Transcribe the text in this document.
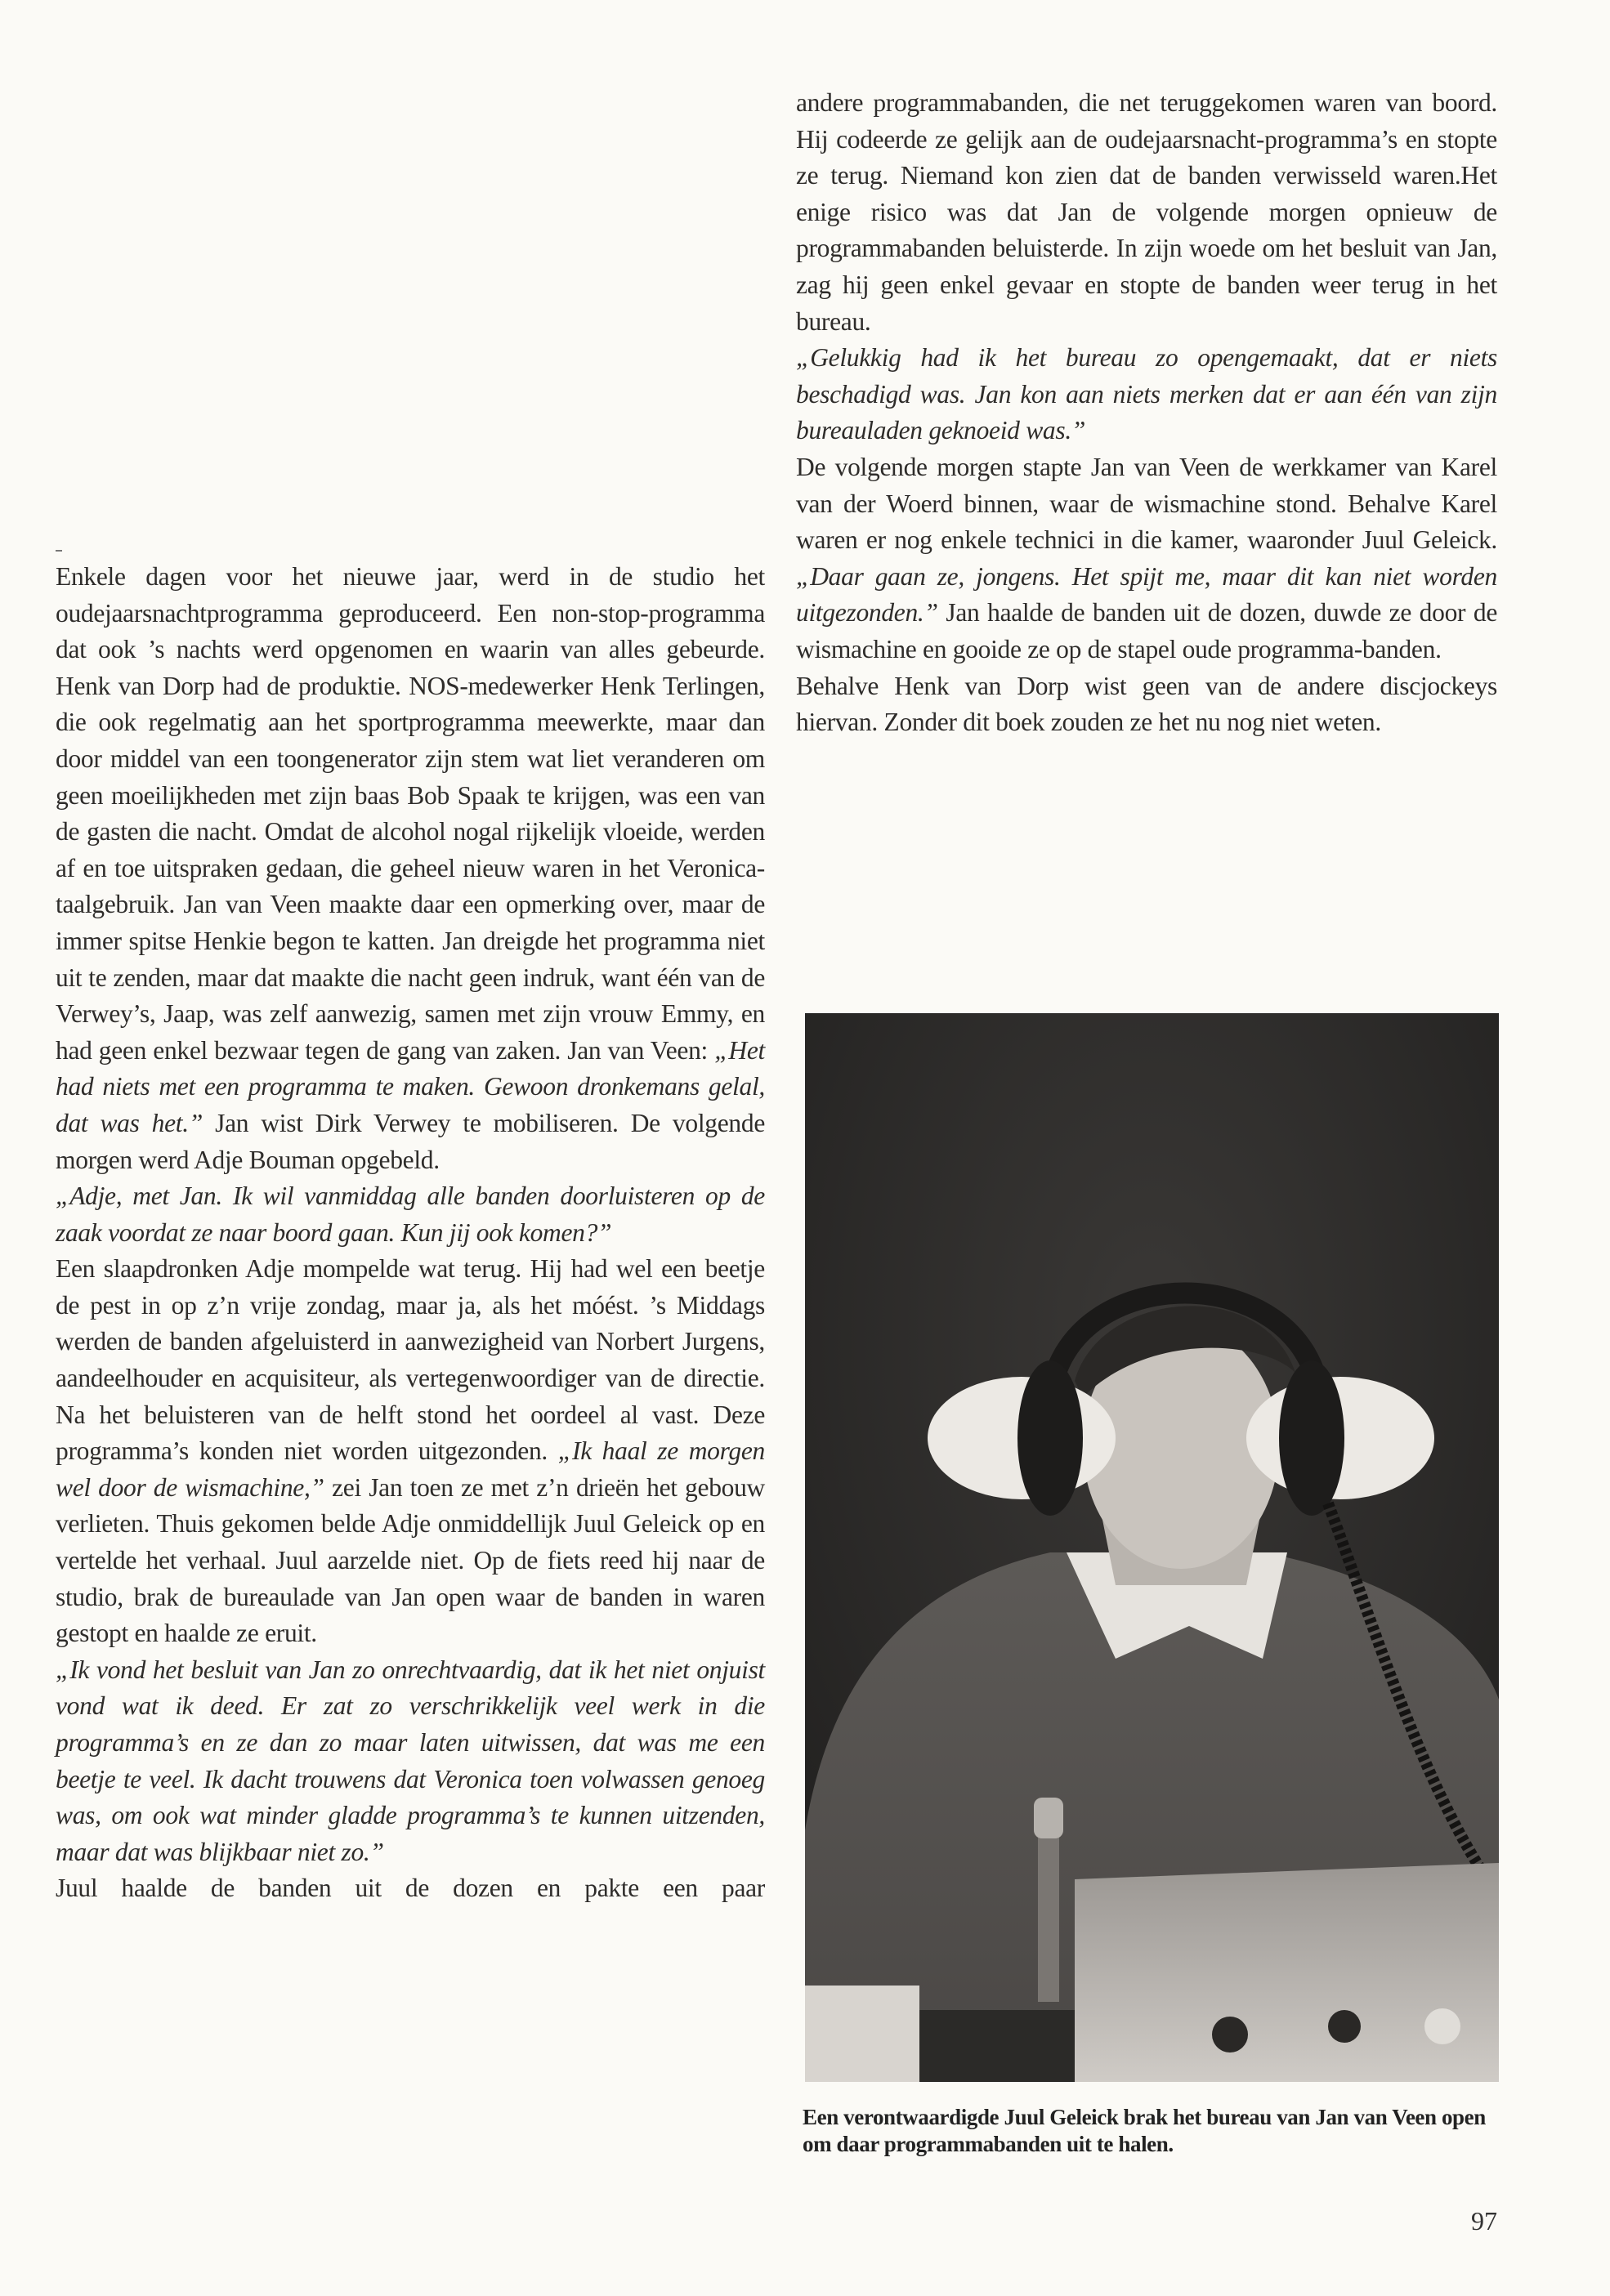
Enkele dagen voor het nieuwe jaar, werd in de studio het oudejaarsnachtprogramma geproduceerd. Een non-stop-programma dat ook ’s nachts werd opgenomen en waarin van alles gebeurde. Henk van Dorp had de produktie. NOS-medewerker Henk Terlingen, die ook regelmatig aan het sportprogramma meewerkte, maar dan door middel van een toongenerator zijn stem wat liet veranderen om geen moeilijkheden met zijn baas Bob Spaak te krijgen, was een van de gasten die nacht. Omdat de alcohol nogal rijkelijk vloeide, werden af en toe uitspraken gedaan, die geheel nieuw waren in het Veronica-taalgebruik. Jan van Veen maakte daar een opmerking over, maar de immer spitse Henkie begon te katten. Jan dreigde het programma niet uit te zenden, maar dat maakte die nacht geen indruk, want één van de Verwey’s, Jaap, was zelf aanwezig, samen met zijn vrouw Emmy, en had geen enkel bezwaar tegen de gang van zaken. Jan van Veen: „Het had niets met een programma te maken. Gewoon dronkemans gelal, dat was het.” Jan wist Dirk Verwey te mobiliseren. De volgende morgen werd Adje Bouman opgebeld.

„Adje, met Jan. Ik wil vanmiddag alle banden doorluisteren op de zaak voordat ze naar boord gaan. Kun jij ook komen?”

Een slaapdronken Adje mompelde wat terug. Hij had wel een beetje de pest in op z’n vrije zondag, maar ja, als het móést. ’s Middags werden de banden afgeluisterd in aanwezigheid van Norbert Jurgens, aandeelhouder en acquisiteur, als vertegenwoordiger van de directie. Na het beluisteren van de helft stond het oordeel al vast. Deze programma’s konden niet worden uitgezonden. „Ik haal ze morgen wel door de wismachine,” zei Jan toen ze met z’n drieën het gebouw verlieten. Thuis gekomen belde Adje onmiddellijk Juul Geleick op en vertelde het verhaal. Juul aarzelde niet. Op de fiets reed hij naar de studio, brak de bureaulade van Jan open waar de banden in waren gestopt en haalde ze eruit.

„Ik vond het besluit van Jan zo onrechtvaardig, dat ik het niet onjuist vond wat ik deed. Er zat zo verschrikkelijk veel werk in die programma’s en ze dan zo maar laten uitwissen, dat was me een beetje te veel. Ik dacht trouwens dat Veronica toen volwassen genoeg was, om ook wat minder gladde programma’s te kunnen uitzenden, maar dat was blijkbaar niet zo.”

Juul haalde de banden uit de dozen en pakte een paar

andere programmabanden, die net teruggekomen waren van boord. Hij codeerde ze gelijk aan de oudejaarsnacht-programma’s en stopte ze terug. Niemand kon zien dat de banden verwisseld waren.Het enige risico was dat Jan de volgende morgen opnieuw de programmabanden beluisterde. In zijn woede om het besluit van Jan, zag hij geen enkel gevaar en stopte de banden weer terug in het bureau.

„Gelukkig had ik het bureau zo opengemaakt, dat er niets beschadigd was. Jan kon aan niets merken dat er aan één van zijn bureauladen geknoeid was.”

De volgende morgen stapte Jan van Veen de werkkamer van Karel van der Woerd binnen, waar de wismachine stond. Behalve Karel waren er nog enkele technici in die kamer, waaronder Juul Geleick. „Daar gaan ze, jongens. Het spijt me, maar dit kan niet worden uitgezonden.” Jan haalde de banden uit de dozen, duwde ze door de wismachine en gooide ze op de stapel oude programma-banden.

Behalve Henk van Dorp wist geen van de andere discjockeys hiervan. Zonder dit boek zouden ze het nu nog niet weten.

Een verontwaardigde Juul Geleick brak het bureau van Jan van Veen open om daar programmabanden uit te halen.
97
